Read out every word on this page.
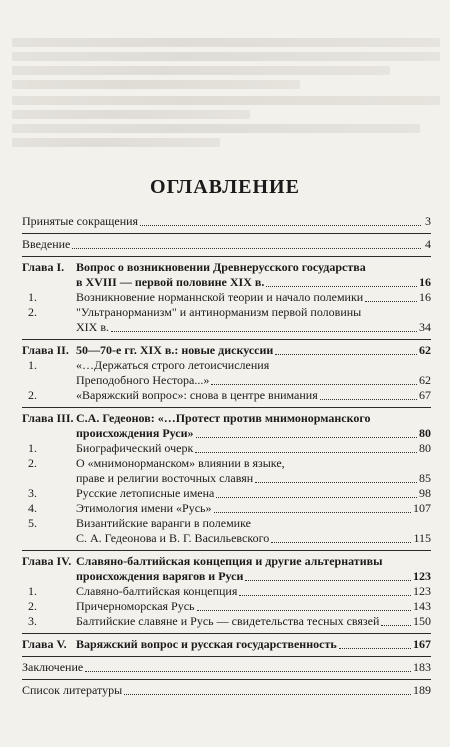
ОГЛАВЛЕНИЕ
Принятые сокращения	3
Введение	4
Глава I. Вопрос о возникновении Древнерусского государства
в XVIII — первой половине XIX в.	16
1.	Возникновение норманнской теории и начало полемики	16
2.	"Ультранорманизм" и антинорманизм первой половины
XIX в.	34
Глава II. 50—70-е гг. XIX в.: новые дискуссии	62
1.	«…Держаться строго летоисчисления
Преподобного Нестора...»	62
2.	«Варяжский вопрос»: снова в центре внимания	67
Глава III. С.А. Гедеонов: «…Протест против мнимонорманского
происхождения Руси»	80
1.	Биографический очерк	80
2.	О «мнимонорманском» влиянии в языке,
праве и религии восточных славян	85
3.	Русские летописные имена	98
4.	Этимология имени «Русь»	107
5.	Византийские варанги в полемике
С. А. Гедеонова и В. Г. Васильевского	115
Глава IV. Славяно-балтийская концепция и другие альтернативы
происхождения варягов и Руси	123
1.	Славяно-балтийская концепция	123
2.	Причерноморская Русь	143
3.	Балтийские славяне и Русь — свидетельства тесных связей	150
Глава V. Варяжский вопрос и русская государственность	167
Заключение	183
Список литературы	189
